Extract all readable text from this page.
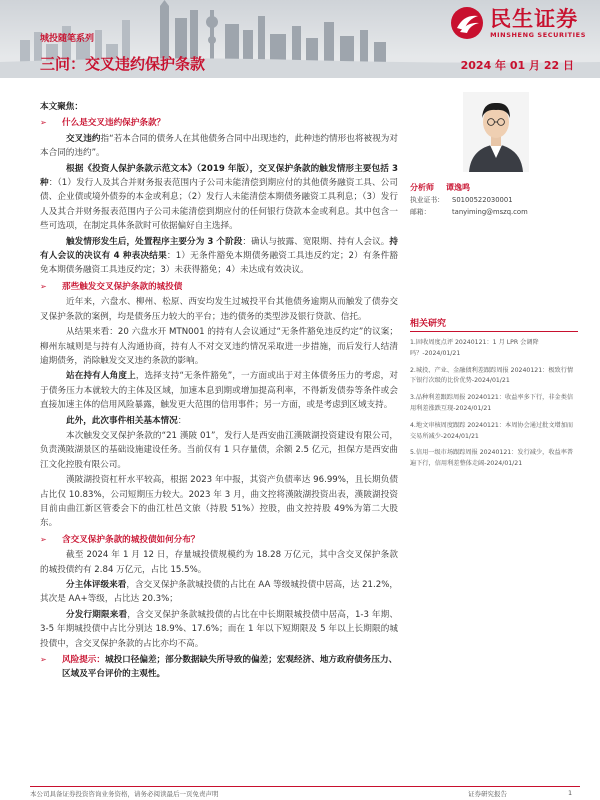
民生证券
MINSHENG SECURITIES
城投随笔系列
三问：交叉违约保护条款	2024 年 01 月 22 日

本文聚焦：

➢	什么是交叉违约保护条款？

交叉违约指“若本合同的债务人在其他债务合同中出现违约，此种违约情形也将被视为对本合同的违约”。

根据《投资人保护条款示范文本》（2019 年版），交叉保护条款的触发情形主要包括 3 种：（1）发行人及其合并财务报表范围内子公司未能清偿到期应付的其他债务融资工具、公司债、企业债或境外债券的本金或利息；（2）发行人未能清偿本期债务融资工具利息；（3）发行人及其合并财务报表范围内子公司未能清偿到期应付的任何银行贷款本金或利息。其中包含一些可选项，在制定具体条款时可依据偏好自主选择。

触发情形发生后，处置程序主要分为 3 个阶段：确认与披露、宽限期、持有人会议。持有人会议的决议有 4 种表决结果：1）无条件豁免本期债务融资工具违反约定；2）有条件豁免本期债务融资工具违反约定；3）未获得豁免；4）未达成有效决议。

➢	那些触发交叉保护条款的城投债

近年来，六盘水、柳州、松原、西安均发生过城投平台其他债务逾期从而触发了债券交叉保护条款的案例，均是债务压力较大的平台；违约债务的类型涉及银行贷款、信托。

从结果来看：20 六盘水开 MTN001 的持有人会议通过“无条件豁免违反约定”的议案；柳州东城则是与持有人沟通协商，持有人不对交叉违约情况采取进一步措施，而后发行人结清逾期债务，消除触发交叉违约条款的影响。

站在持有人角度上，选择支持“无条件豁免”，一方面或出于对主体债务压力的考虑，对于债务压力本就较大的主体及区域，加速本息到期或增加提高利率，不得新发债券等条件或会直接加速主体的信用风险暴露，触发更大范围的信用事件；另一方面，或是考虑到区域支持。

此外，此次事件相关基本情况：

本次触发交叉保护条款的“21 漢陂 01”，发行人是西安曲江漢陂湖投资建设有限公司，负责漢陂湖景区的基础设施建设任务。当前仅有 1 只存量债，余额 2.5 亿元，担保方是西安曲江文化控股有限公司。

漢陂湖投资杠杆水平较高，根据 2023 年中报，其资产负债率达 96.99%，且长期负债占比仅 10.83%，公司短期压力较大。2023 年 3 月，曲文控将漢陂湖投资出表，漢陂湖投资目前由曲江新区管委会下的曲江杜邑文旅（持股 51%）控股，曲文控持股 49%为第二大股东。

➢	含交叉保护条款的城投债如何分布？

截至 2024 年 1 月 12 日，存量城投债规模约为 18.28 万亿元，其中含交叉保护条款的城投债约有 2.84 万亿元，占比 15.5%。

分主体评级来看，含交叉保护条款城投债的占比在 AA 等级城投债中居高，达 21.2%，其次是 AA+等级，占比达 20.3%；

分发行期限来看，含交叉保护条款城投债的占比在中长期限城投债中居高，1-3 年期、3-5 年期城投债中占比分别达 18.9%、17.6%；而在 1 年以下短期限及 5 年以上长期限的城投债中，含交叉保护条款的占比亦均不高。

➢	风险提示：城投口径偏差；部分数据缺失所导致的偏差；宏观经济、地方政府债务压力、区域及平台评价的主观性。
分析师	谭逸鸣
执业证书：	S0100522030001
邮箱：	tanyiming@mszq.com
相关研究
1.固收周度点评 20240121：1 月 LPR 会调降吗？-2024/01/21
2.城投、产业、金融债利差跟踪周报 20240121：极致行情下银行次级的比价优势-2024/01/21
3.品种利差跟踪周报 20240121：收益率多下行，非金类信用利差涨跌互现-2024/01/21
4.地文审核周度跟踪 20240121：本周协会通过批文增加而交易所减少-2024/01/21
5.信用一级市场跟踪周报 20240121：发行减少，收益率普遍下行，信用利差整体走阔-2024/01/21
本公司具备证券投资咨询业务资格，请务必阅读最后一页免责声明	证券研究报告	1
